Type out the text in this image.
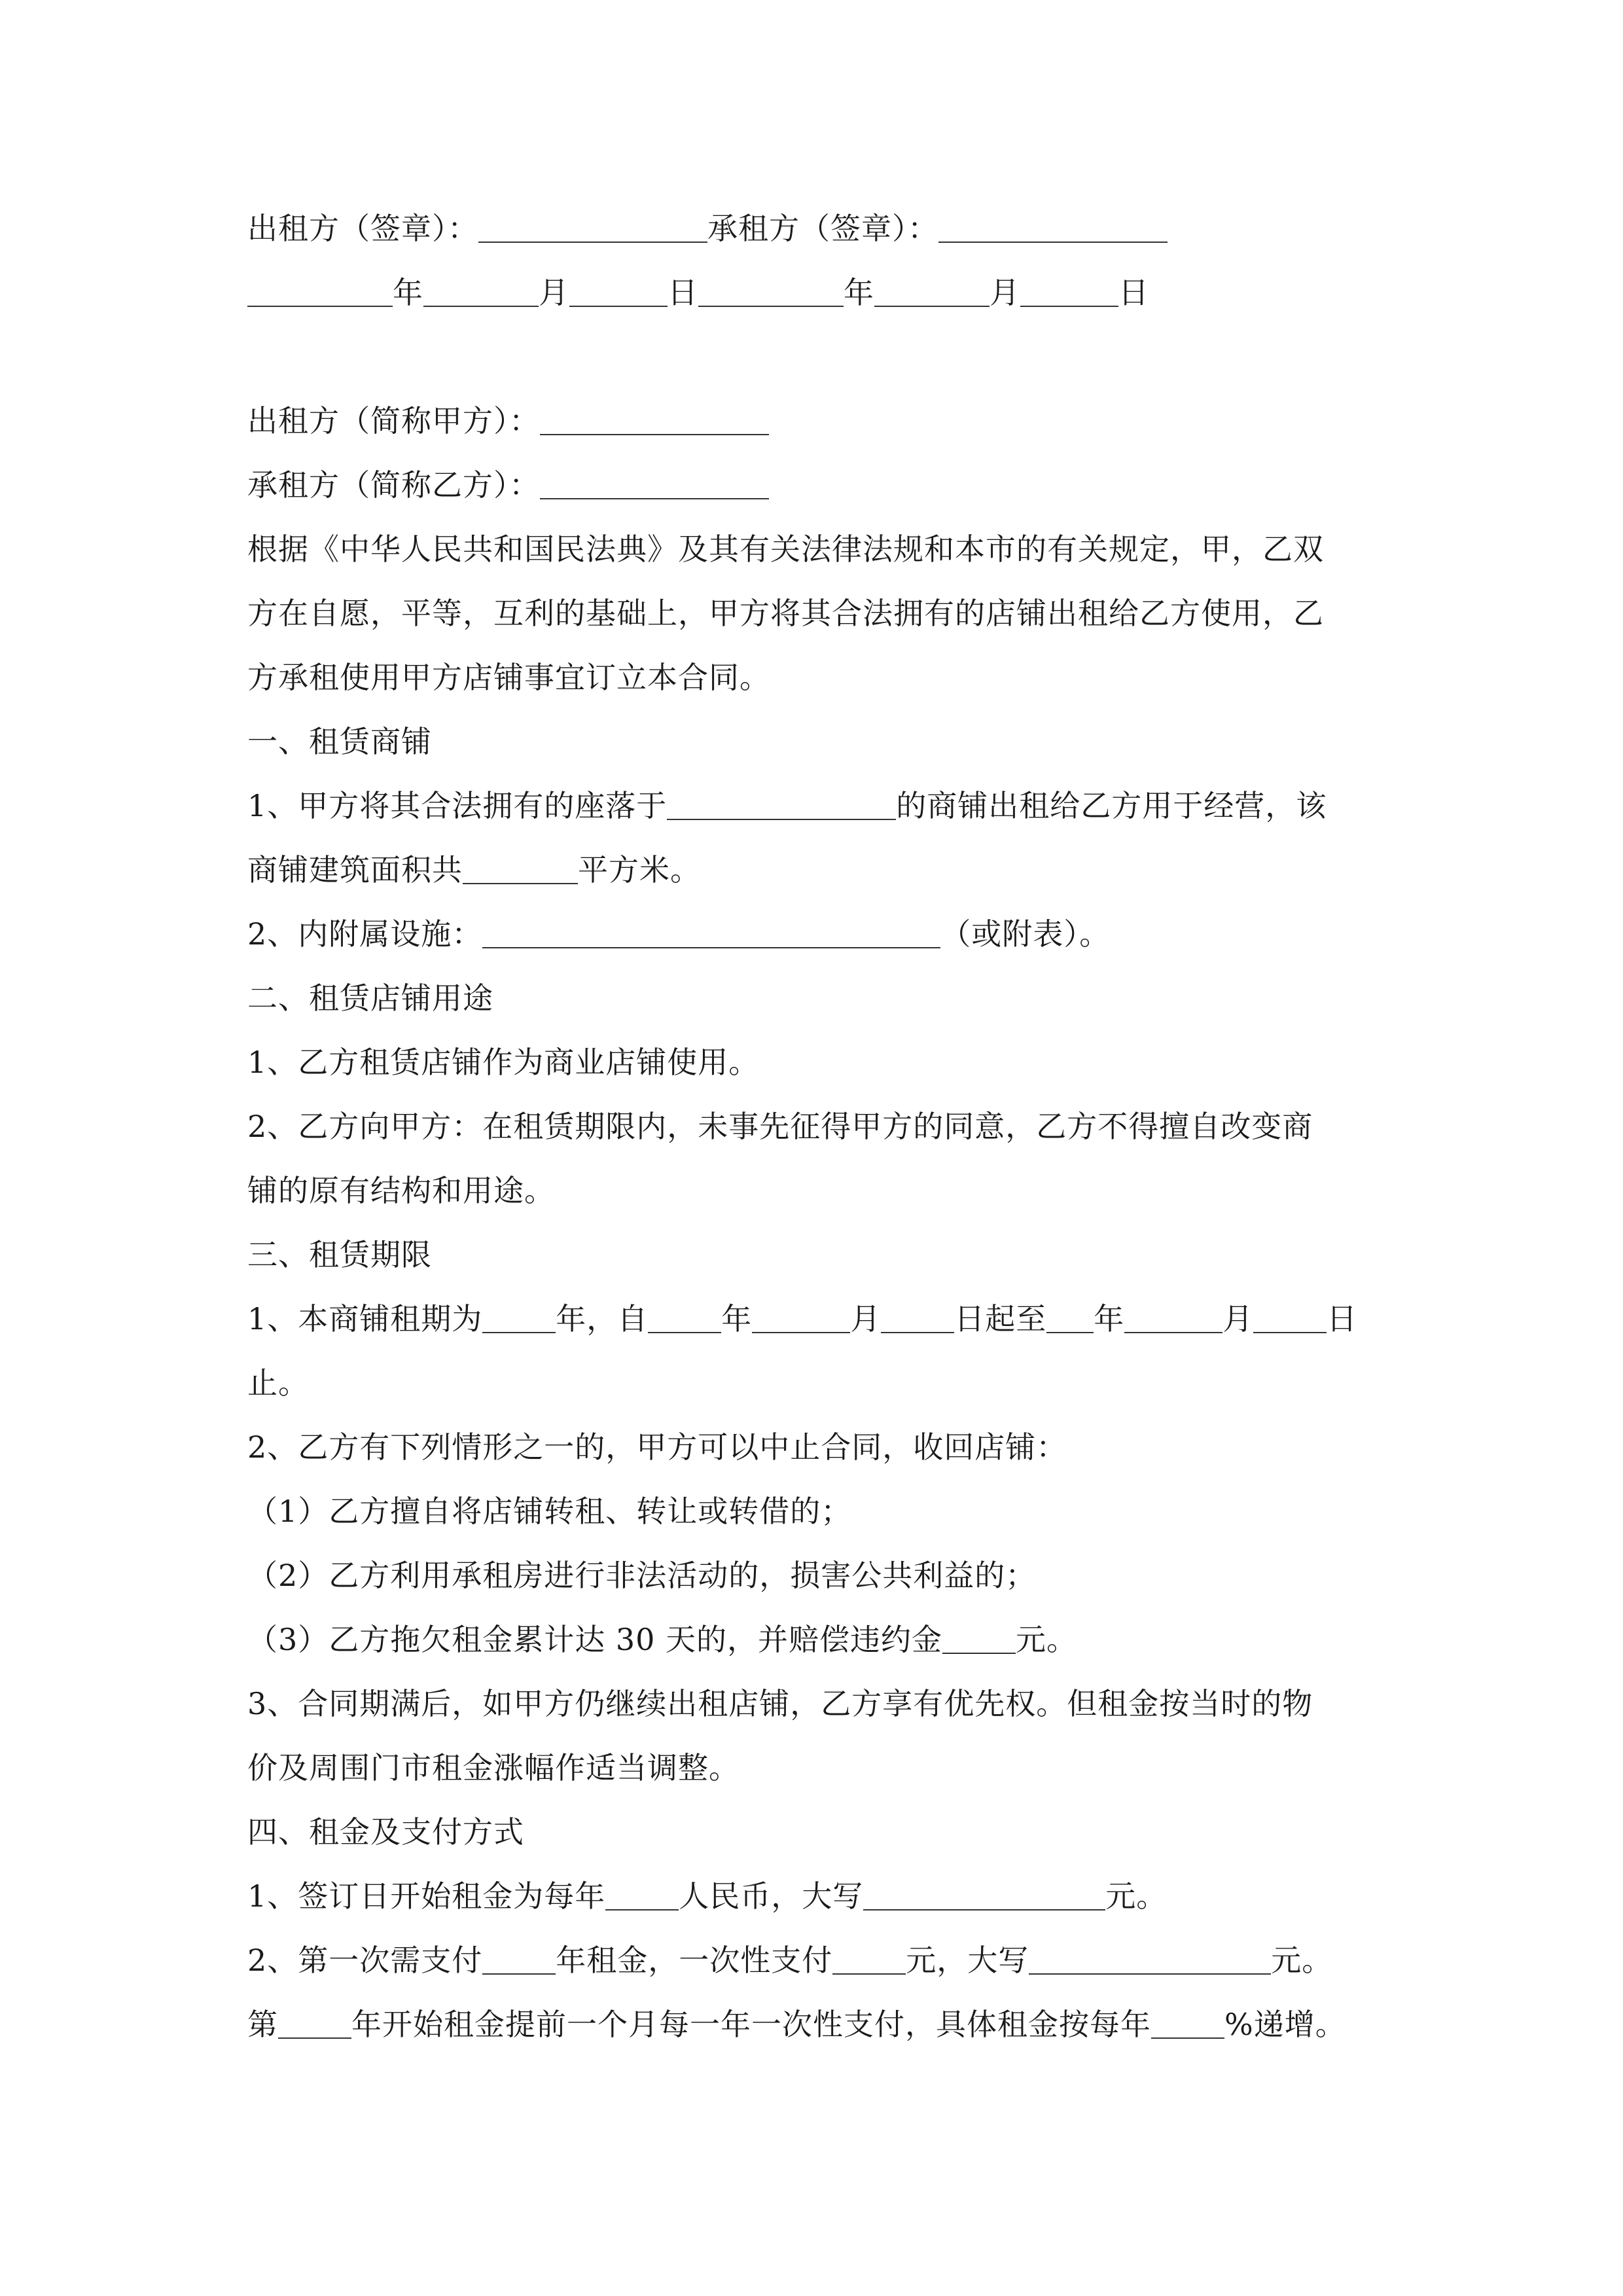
出租方（签章）：	承租方（签章）：
年	月	日	年	月	日
出租方（简称甲方）：
承租方（简称乙方）：
根据《中华人民共和国民法典》及其有关法律法规和本市的有关规定，甲，乙双
方在自愿，平等，互利的基础上，甲方将其合法拥有的店铺出租给乙方使用，乙
方承租使用甲方店铺事宜订立本合同。
一、租赁商铺
1、甲方将其合法拥有的座落于	的商铺出租给乙方用于经营，该
商铺建筑面积共	平方米。
2、内附属设施：	（或附表）。
二、租赁店铺用途
1、乙方租赁店铺作为商业店铺使用。
2、乙方向甲方：在租赁期限内，未事先征得甲方的同意，乙方不得擅自改变商
铺的原有结构和用途。
三、租赁期限
1、本商铺租期为 年，自 年	月 日起至 年	月 日
止。
2、乙方有下列情形之一的，甲方可以中止合同，收回店铺：
（1）乙方擅自将店铺转租、转让或转借的；
（2）乙方利用承租房进行非法活动的，损害公共利益的；
（3）乙方拖欠租金累计达 30 天的，并赔偿违约金 元。
3、合同期满后，如甲方仍继续出租店铺，乙方享有优先权。但租金按当时的物
价及周围门市租金涨幅作适当调整。
四、租金及支付方式
1、签订日开始租金为每年 人民币，大写	元。
2、第一次需支付 年租金，一次性支付 元，大写	元。
第 年开始租金提前一个月每一年一次性支付，具体租金按每年 %递增。
